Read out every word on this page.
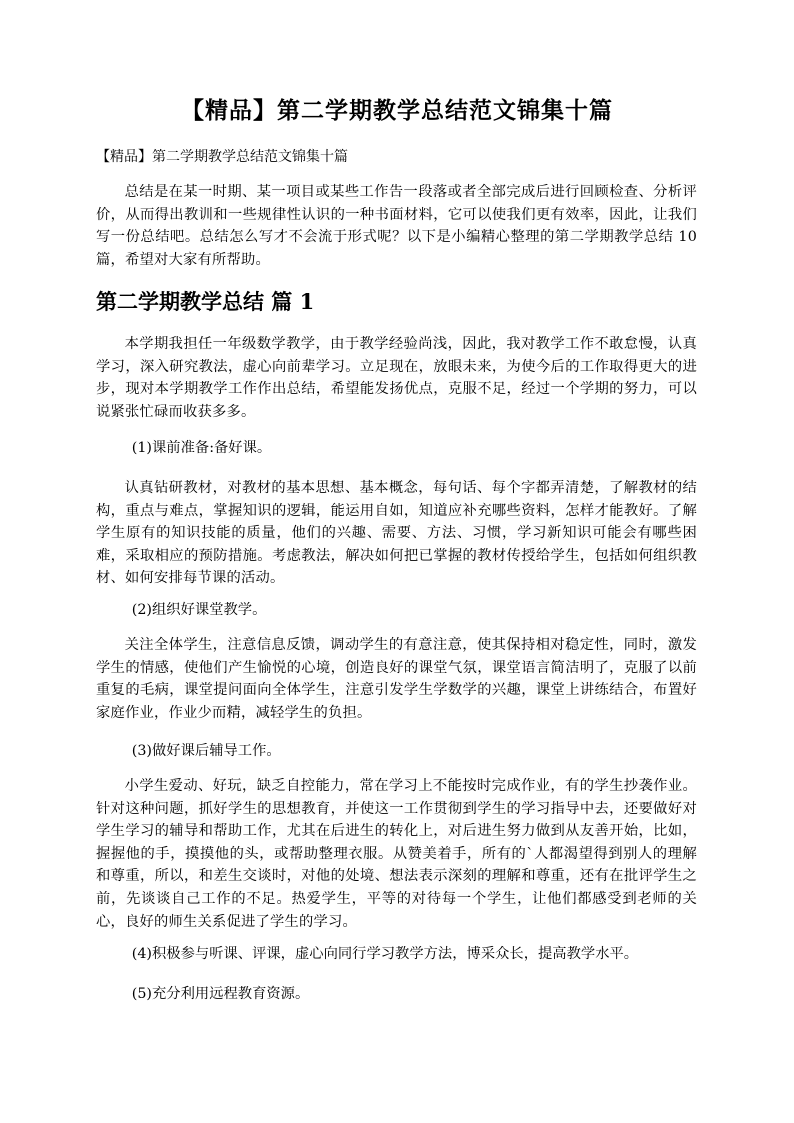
【精品】第二学期教学总结范文锦集十篇

【精品】第二学期教学总结范文锦集十篇

总结是在某一时期、某一项目或某些工作告一段落或者全部完成后进行回顾检查、分析评价，从而得出教训和一些规律性认识的一种书面材料，它可以使我们更有效率，因此，让我们写一份总结吧。总结怎么写才不会流于形式呢？以下是小编精心整理的第二学期教学总结 10 篇，希望对大家有所帮助。

第二学期教学总结 篇 1

本学期我担任一年级数学教学，由于教学经验尚浅，因此，我对教学工作不敢怠慢，认真学习，深入研究教法，虚心向前辈学习。立足现在，放眼未来，为使今后的工作取得更大的进步，现对本学期教学工作作出总结，希望能发扬优点，克服不足，经过一个学期的努力，可以说紧张忙碌而收获多多。

(1)课前准备:备好课。

认真钻研教材，对教材的基本思想、基本概念，每句话、每个字都弄清楚，了解教材的结构，重点与难点，掌握知识的逻辑，能运用自如，知道应补充哪些资料，怎样才能教好。了解学生原有的知识技能的质量，他们的兴趣、需要、方法、习惯，学习新知识可能会有哪些困难，采取相应的预防措施。考虑教法，解决如何把已掌握的教材传授给学生，包括如何组织教材、如何安排每节课的活动。

(2)组织好课堂教学。

关注全体学生，注意信息反馈，调动学生的有意注意，使其保持相对稳定性，同时，激发学生的情感，使他们产生愉悦的心境，创造良好的课堂气氛，课堂语言简洁明了，克服了以前重复的毛病，课堂提问面向全体学生，注意引发学生学数学的兴趣，课堂上讲练结合，布置好家庭作业，作业少而精，减轻学生的负担。

(3)做好课后辅导工作。

小学生爱动、好玩，缺乏自控能力，常在学习上不能按时完成作业，有的学生抄袭作业。针对这种问题，抓好学生的思想教育，并使这一工作贯彻到学生的学习指导中去，还要做好对学生学习的辅导和帮助工作，尤其在后进生的转化上，对后进生努力做到从友善开始，比如，握握他的手，摸摸他的头，或帮助整理衣服。从赞美着手，所有的`人都渴望得到别人的理解和尊重，所以，和差生交谈时，对他的处境、想法表示深刻的理解和尊重，还有在批评学生之前，先谈谈自己工作的不足。热爱学生，平等的对待每一个学生，让他们都感受到老师的关心，良好的师生关系促进了学生的学习。

(4)积极参与听课、评课，虚心向同行学习教学方法，博采众长，提高教学水平。

(5)充分利用远程教育资源。
